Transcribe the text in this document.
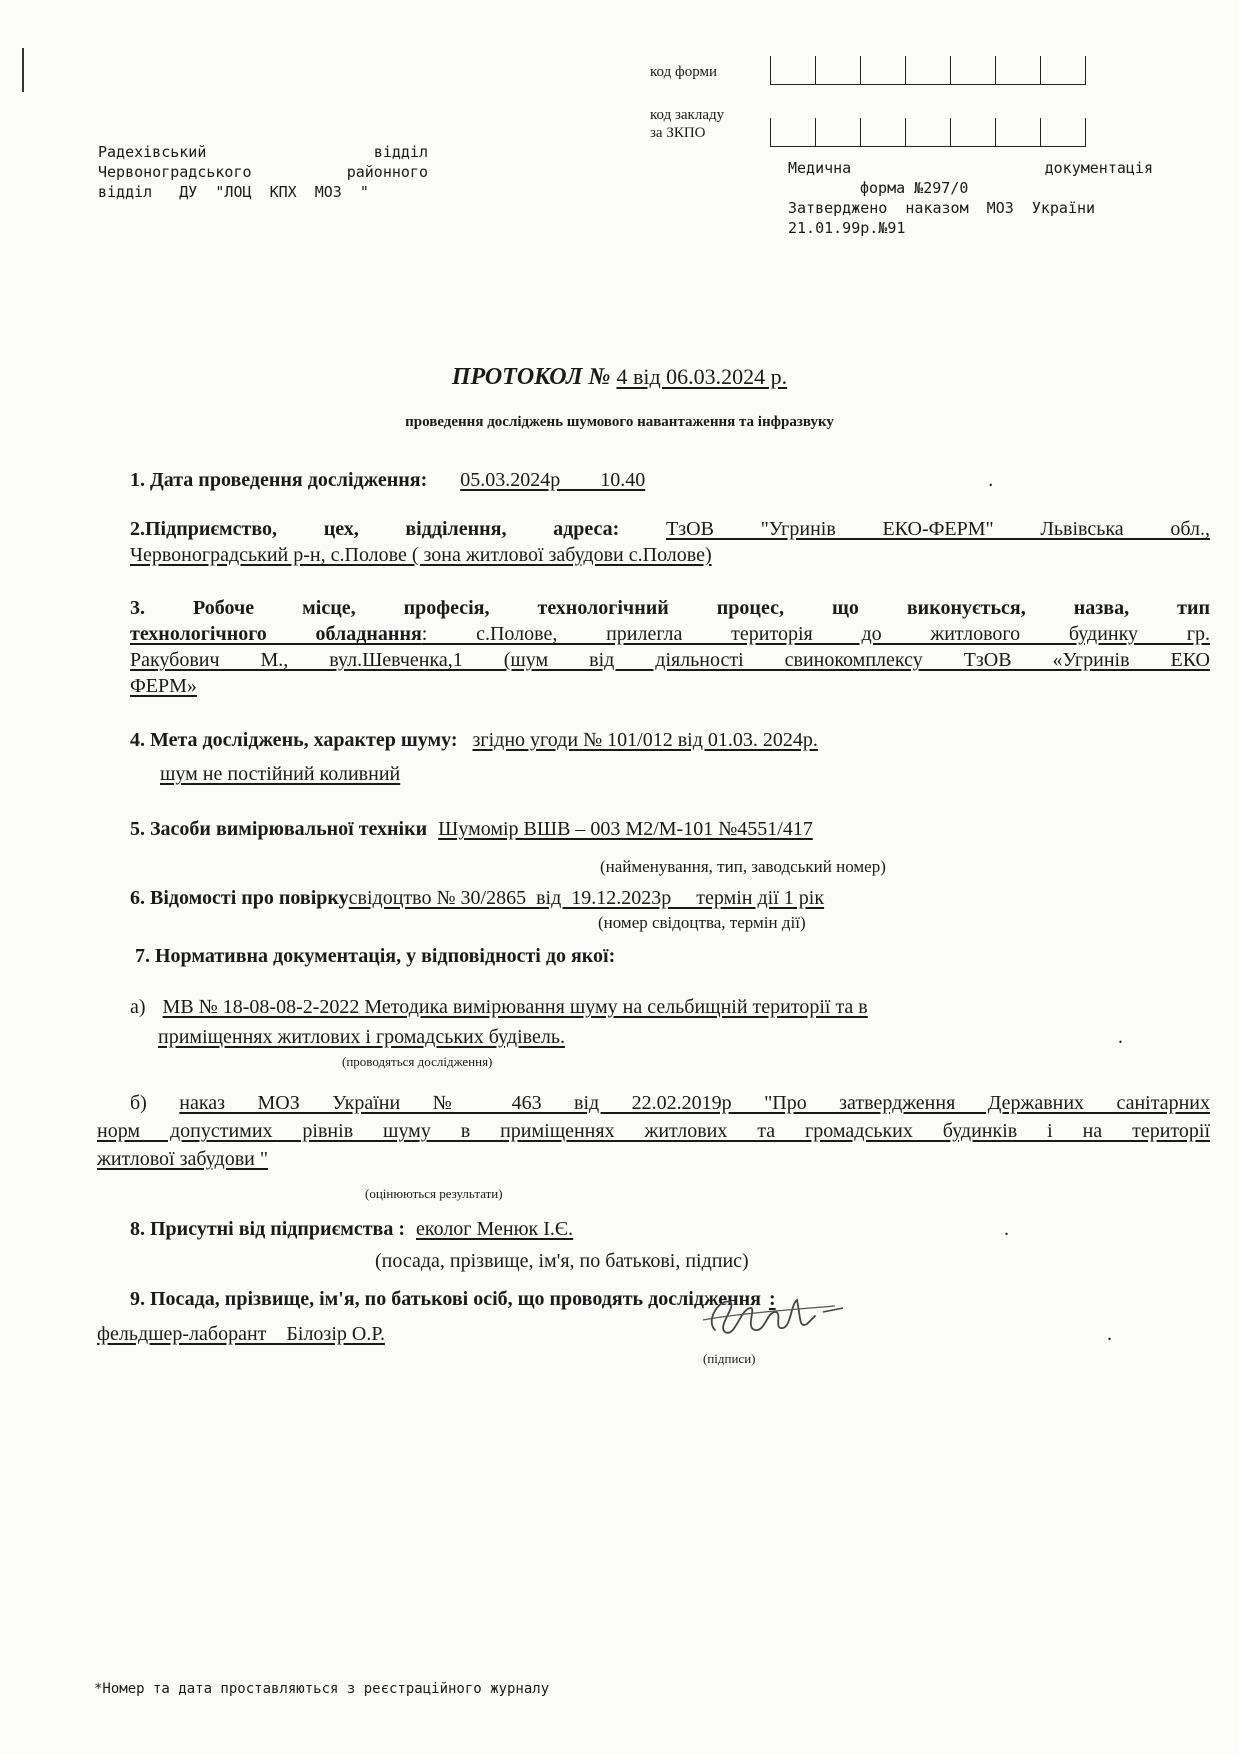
код форми
код закладу
за ЗКПО
Радехівський	відділ
Червоноградського	районного
відділ   ДУ  "ЛОЦ  КПХ  МОЗ  "
Медична	документація
форма №297/0
Затверджено  наказом  МОЗ  України
21.01.99р.№91
ПРОТОКОЛ № 4 від 06.03.2024 р.
проведення досліджень шумового навантаження та інфразвуку
1. Дата проведення дослідження: 05.03.2024р        10.40	.
2.Підприємство, цех, відділення, адреса: ТзОВ "Угринів ЕКО-ФЕРМ" Львівська обл.,
Червоноградський р-н, с.Полове ( зона житлової забудови с.Полове)
3. Робоче місце, професія, технологічний процес, що виконується, назва, тип
технологічного обладнання: с.Полове, прилегла територія до житлового будинку гр.
Ракубович М., вул.Шевченка,1 (шум від діяльності свинокомплексу ТзОВ «Угринів ЕКО
ФЕРМ»
4. Мета досліджень, характер шуму: згідно угоди № 101/012 від 01.03. 2024р.
шум не постійний коливний
5. Засоби вимірювальної техніки Шумомір ВШВ – 003 М2/М-101 №4551/417
(найменування, тип, заводський номер)
6. Відомості про повіркусвідоцтво № 30/2865  від  19.12.2023р     термін дії 1 рік
(номер свідоцтва, термін дії)
7. Нормативна документація, у відповідності до якої:
а) МВ № 18-08-08-2-2022 Методика вимірювання шуму на сельбищній території та в
приміщеннях житлових і громадських будівель.	.
(проводяться дослідження)
б) наказ МОЗ України № 463 від 22.02.2019р "Про затвердження Державних санітарних
норм допустимих рівнів шуму в приміщеннях житлових та громадських будинків і на території
житлової забудови "
(оцінюються результати)
8. Присутні від підприємства : еколог Менюк І.Є.	.
(посада, прізвище, ім'я, по батькові, підпис)
9. Посада, прізвище, ім'я, по батькові осіб, що проводять дослідження :
фельдшер-лаборант    Білозір О.Р.	.
(підписи)
*Номер та дата проставляються з реєстраційного журналу
